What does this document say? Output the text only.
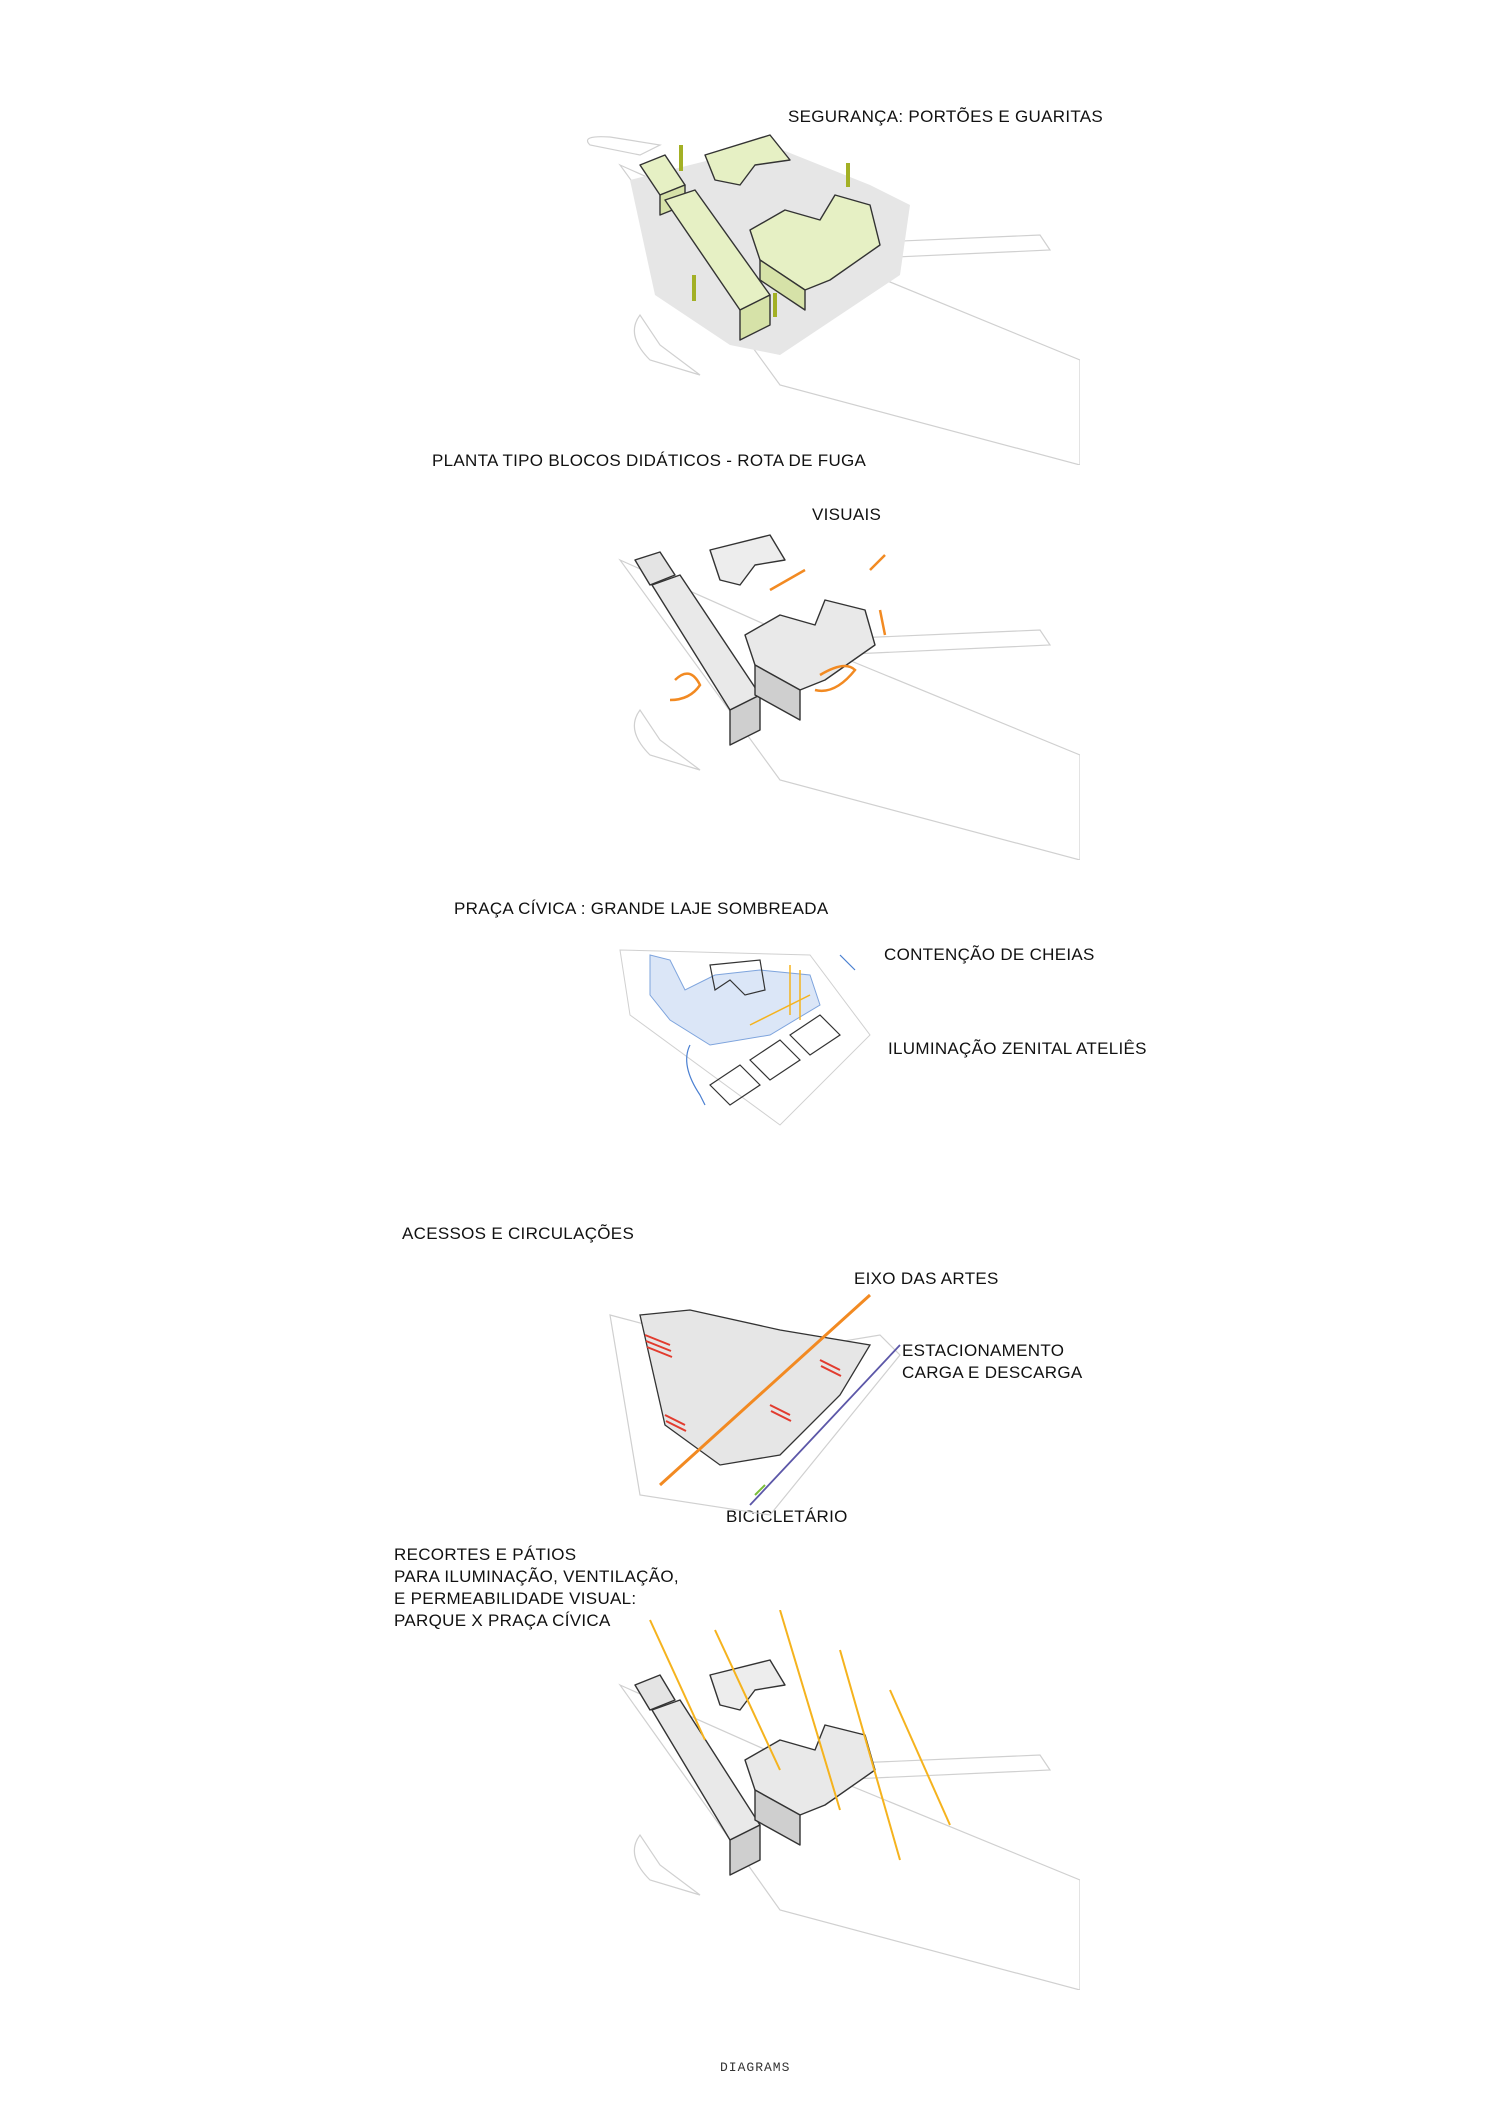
SEGURANÇA: PORTÕES E GUARITAS
PLANTA TIPO BLOCOS DIDÁTICOS - ROTA DE FUGA
VISUAIS
PRAÇA CÍVICA : GRANDE LAJE SOMBREADA
CONTENÇÃO DE CHEIAS
ILUMINAÇÃO ZENITAL ATELIÊS
ACESSOS E CIRCULAÇÕES
EIXO DAS ARTES
ESTACIONAMENTO
CARGA E DESCARGA
BICICLETÁRIO
RECORTES E PÁTIOS
PARA ILUMINAÇÃO, VENTILAÇÃO,
E PERMEABILIDADE VISUAL:
PARQUE X PRAÇA CÍVICA
DIAGRAMS
